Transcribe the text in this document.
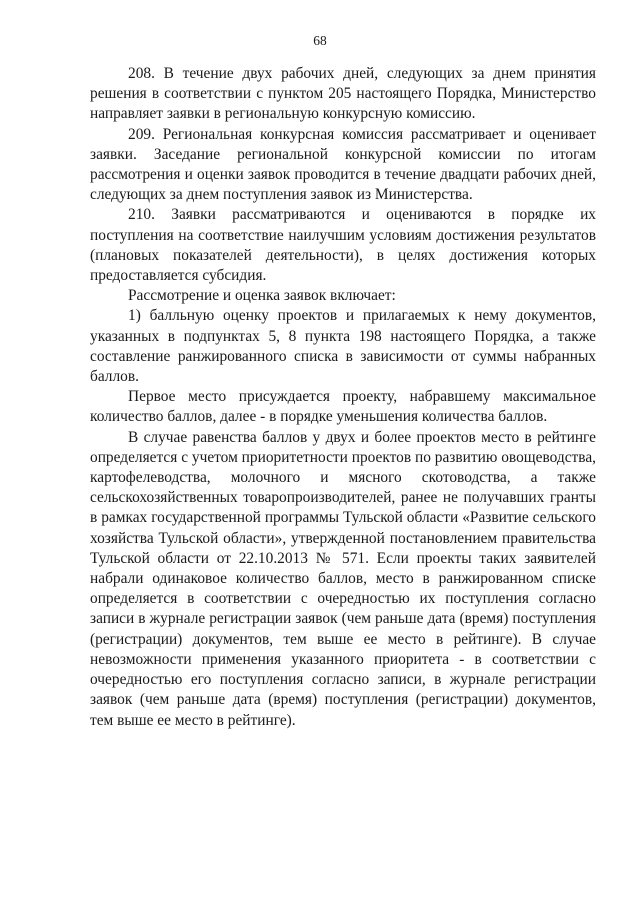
68

208. В течение двух рабочих дней, следующих за днем принятия решения в соответствии с пунктом 205 настоящего Порядка, Министерство направляет заявки в региональную конкурсную комиссию.

209. Региональная конкурсная комиссия рассматривает и оценивает заявки. Заседание региональной конкурсной комиссии по итогам рассмотрения и оценки заявок проводится в течение двадцати рабочих дней, следующих за днем поступления заявок из Министерства.

210. Заявки рассматриваются и оцениваются в порядке их поступления на соответствие наилучшим условиям достижения результатов (плановых показателей деятельности), в целях достижения которых предоставляется субсидия.

Рассмотрение и оценка заявок включает:

1) балльную оценку проектов и прилагаемых к нему документов, указанных в подпунктах 5, 8 пункта 198 настоящего Порядка, а также составление ранжированного списка в зависимости от суммы набранных баллов.

Первое место присуждается проекту, набравшему максимальное количество баллов, далее - в порядке уменьшения количества баллов.

В случае равенства баллов у двух и более проектов место в рейтинге определяется с учетом приоритетности проектов по развитию овощеводства, картофелеводства, молочного и мясного скотоводства, а также сельскохозяйственных товаропроизводителей, ранее не получавших гранты в рамках государственной программы Тульской области «Развитие сельского хозяйства Тульской области», утвержденной постановлением правительства Тульской области от 22.10.2013 № 571. Если проекты таких заявителей набрали одинаковое количество баллов, место в ранжированном списке определяется в соответствии с очередностью их поступления согласно записи в журнале регистрации заявок (чем раньше дата (время) поступления (регистрации) документов, тем выше ее место в рейтинге). В случае невозможности применения указанного приоритета - в соответствии с очередностью его поступления согласно записи, в журнале регистрации заявок (чем раньше дата (время) поступления (регистрации) документов, тем выше ее место в рейтинге).
